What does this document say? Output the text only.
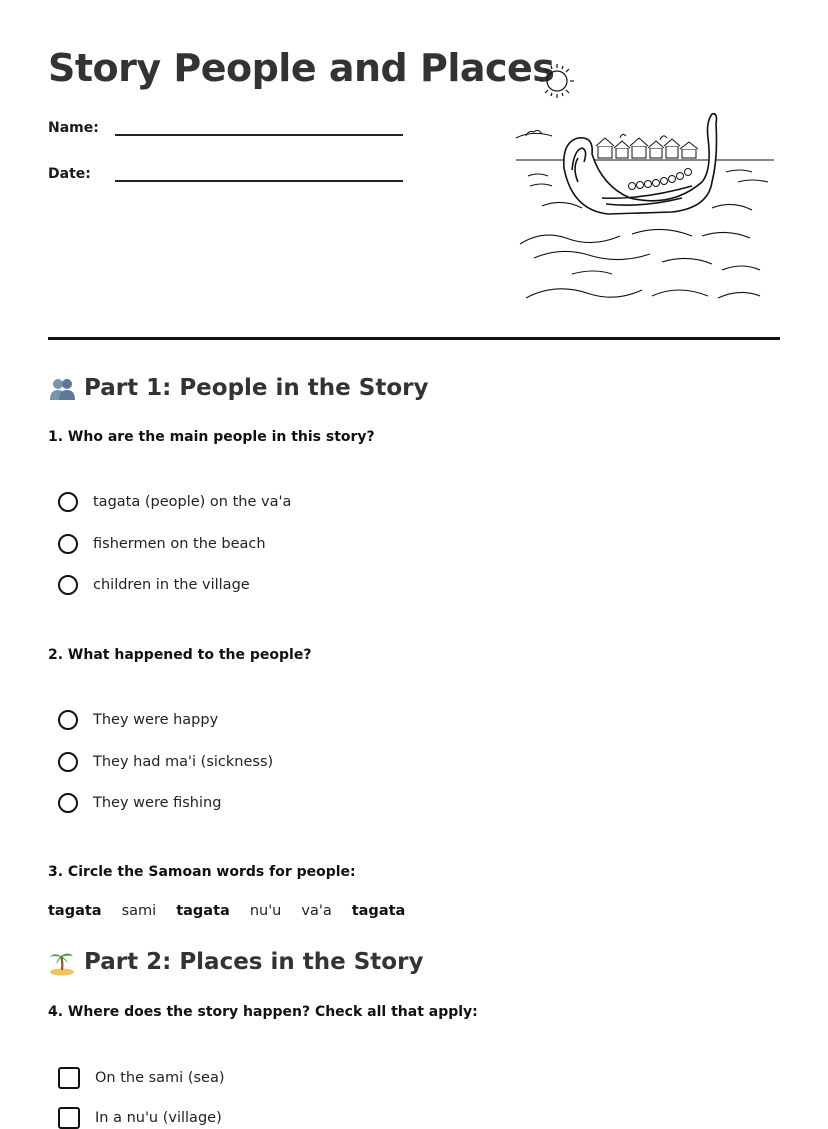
Story People and Places
Name:
Date:
Part 1: People in the Story

1. Who are the main people in this story?

tagata (people) on the va'a
fishermen on the beach
children in the village

2. What happened to the people?

They were happy
They had ma'i (sickness)
They were fishing

3. Circle the Samoan words for people:

tagata sami tagata nu'u va'a tagata
Part 2: Places in the Story

4. Where does the story happen? Check all that apply:

On the sami (sea)
In a nu'u (village)
